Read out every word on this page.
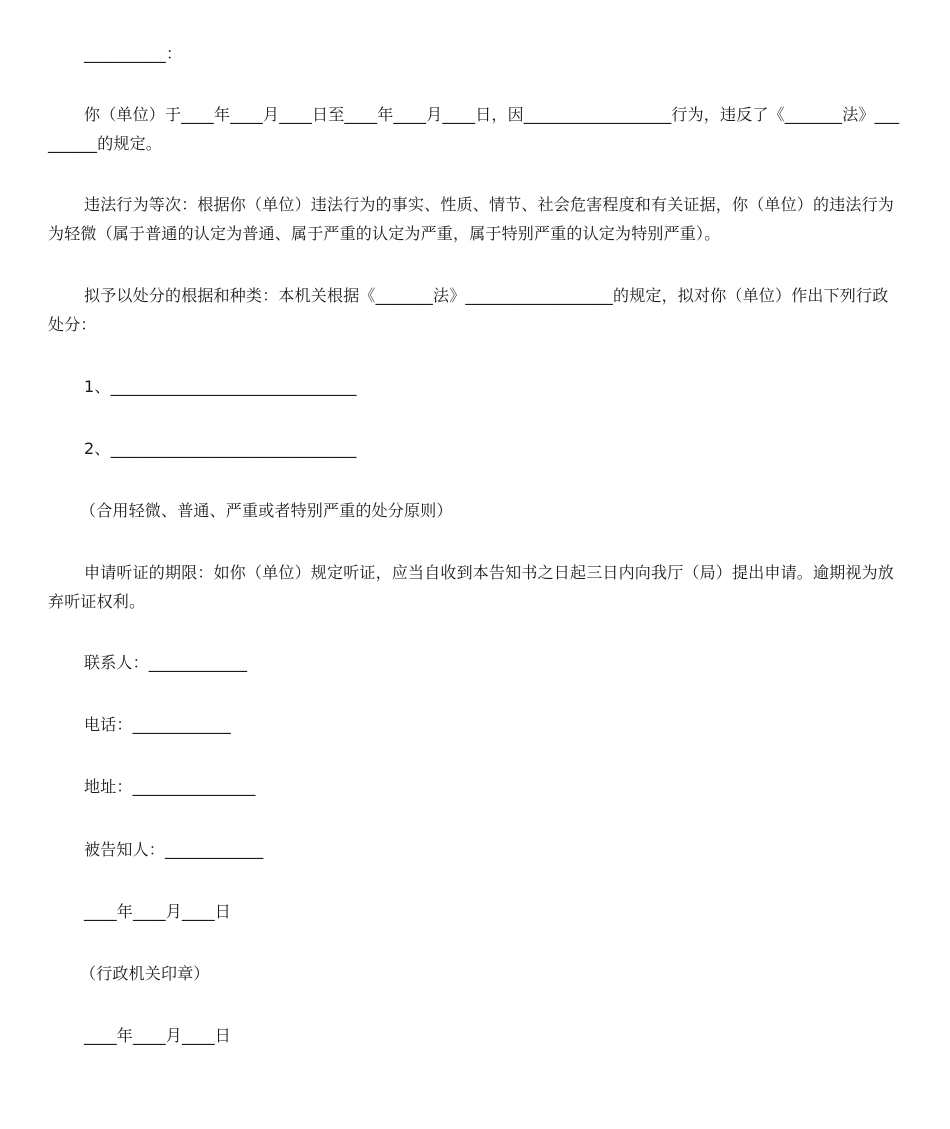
__________：

你（单位）于____年____月____日至____年____月____日，因__________________行为，违反了《_______法》_________的规定。

违法行为等次：根据你（单位）违法行为的事实、性质、情节、社会危害程度和有关证据，你（单位）的违法行为为轻微（属于普通的认定为普通、属于严重的认定为严重，属于特别严重的认定为特别严重）。

拟予以处分的根据和种类：本机关根据《_______法》__________________的规定，拟对你（单位）作出下列行政处分：

1、______________________________

2、______________________________

（合用轻微、普通、严重或者特别严重的处分原则）

申请听证的期限：如你（单位）规定听证，应当自收到本告知书之日起三日内向我厅（局）提出申请。逾期视为放弃听证权利。

联系人：____________

电话：____________

地址：_______________

被告知人：____________

____年____月____日

（行政机关印章）

____年____月____日
